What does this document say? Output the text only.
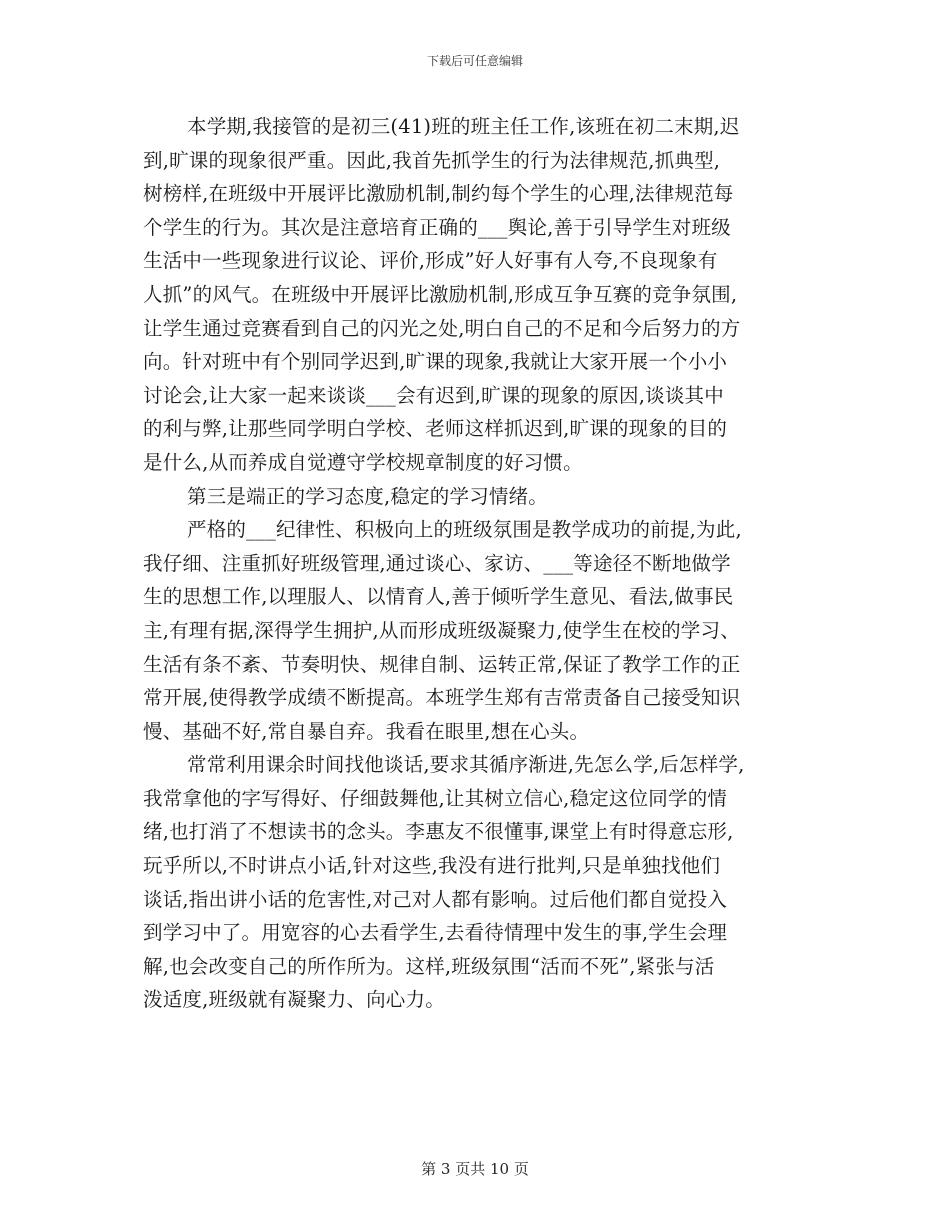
下载后可任意编辑
本学期,我接管的是初三(41)班的班主任工作,该班在初二末期,迟
到,旷课的现象很严重。因此,我首先抓学生的行为法律规范,抓典型,
树榜样,在班级中开展评比激励机制,制约每个学生的心理,法律规范每
个学生的行为。其次是注意培育正确的___舆论,善于引导学生对班级
生活中一些现象进行议论、评价,形成”好人好事有人夸,不良现象有
人抓”的风气。在班级中开展评比激励机制,形成互争互赛的竞争氛围,
让学生通过竞赛看到自己的闪光之处,明白自己的不足和今后努力的方
向。针对班中有个别同学迟到,旷课的现象,我就让大家开展一个小小
讨论会,让大家一起来谈谈___会有迟到,旷课的现象的原因,谈谈其中
的利与弊,让那些同学明白学校、老师这样抓迟到,旷课的现象的目的
是什么,从而养成自觉遵守学校规章制度的好习惯。
第三是端正的学习态度,稳定的学习情绪。
严格的___纪律性、积极向上的班级氛围是教学成功的前提,为此,
我仔细、注重抓好班级管理,通过谈心、家访、___等途径不断地做学
生的思想工作,以理服人、以情育人,善于倾听学生意见、看法,做事民
主,有理有据,深得学生拥护,从而形成班级凝聚力,使学生在校的学习、
生活有条不紊、节奏明快、规律自制、运转正常,保证了教学工作的正
常开展,使得教学成绩不断提高。本班学生郑有吉常责备自己接受知识
慢、基础不好,常自暴自弃。我看在眼里,想在心头。
常常利用课余时间找他谈话,要求其循序渐进,先怎么学,后怎样学,
我常拿他的字写得好、仔细鼓舞他,让其树立信心,稳定这位同学的情
绪,也打消了不想读书的念头。李惠友不很懂事,课堂上有时得意忘形,
玩乎所以,不时讲点小话,针对这些,我没有进行批判,只是单独找他们
谈话,指出讲小话的危害性,对己对人都有影响。过后他们都自觉投入
到学习中了。用宽容的心去看学生,去看待情理中发生的事,学生会理
解,也会改变自己的所作所为。这样,班级氛围“活而不死”,紧张与活
泼适度,班级就有凝聚力、向心力。
第 3 页共 10 页
